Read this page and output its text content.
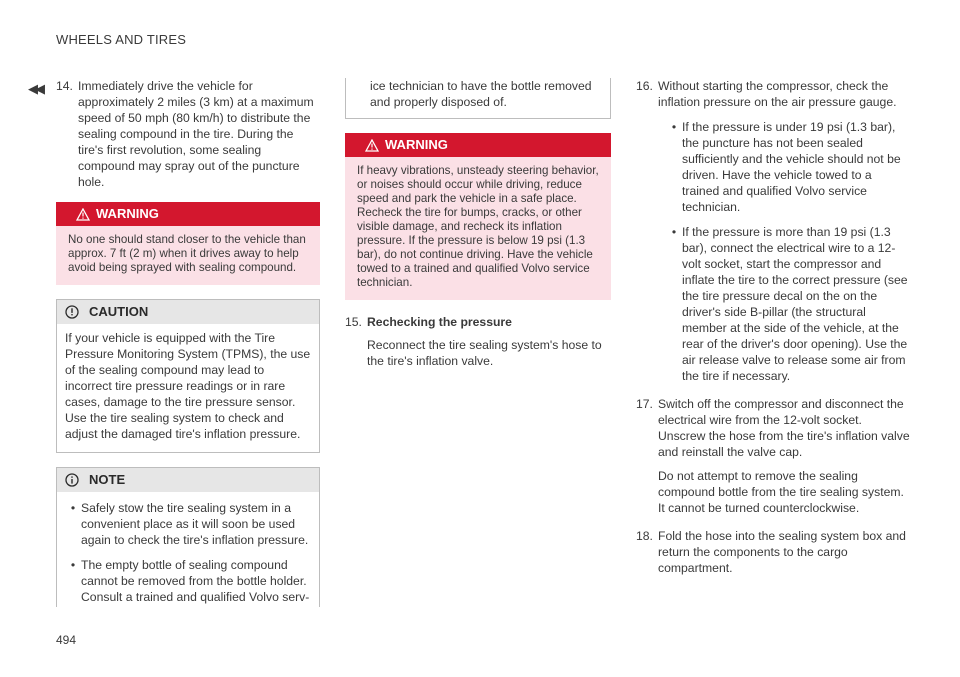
WHEELS AND TIRES
◀◀ 14. Immediately drive the vehicle for approximately 2 miles (3 km) at a maximum speed of 50 mph (80 km/h) to distribute the sealing compound in the tire. During the tire's first revolution, some sealing compound may spray out of the puncture hole.
WARNING
No one should stand closer to the vehicle than approx. 7 ft (2 m) when it drives away to help avoid being sprayed with sealing compound.
CAUTION
If your vehicle is equipped with the Tire Pressure Monitoring System (TPMS), the use of the sealing compound may lead to incorrect tire pressure readings or in rare cases, damage to the tire pressure sensor. Use the tire sealing system to check and adjust the damaged tire's inflation pressure.
NOTE
• Safely stow the tire sealing system in a convenient place as it will soon be used again to check the tire's inflation pressure.
• The empty bottle of sealing compound cannot be removed from the bottle holder. Consult a trained and qualified Volvo serv-
ice technician to have the bottle removed and properly disposed of.
WARNING
If heavy vibrations, unsteady steering behavior, or noises should occur while driving, reduce speed and park the vehicle in a safe place. Recheck the tire for bumps, cracks, or other visible damage, and recheck its inflation pressure. If the pressure is below 19 psi (1.3 bar), do not continue driving. Have the vehicle towed to a trained and qualified Volvo service technician.
15. Rechecking the pressure
Reconnect the tire sealing system's hose to the tire's inflation valve.
16. Without starting the compressor, check the inflation pressure on the air pressure gauge.
• If the pressure is under 19 psi (1.3 bar), the puncture has not been sealed sufficiently and the vehicle should not be driven. Have the vehicle towed to a trained and qualified Volvo service technician.
• If the pressure is more than 19 psi (1.3 bar), connect the electrical wire to a 12-volt socket, start the compressor and inflate the tire to the correct pressure (see the tire pressure decal on the on the driver's side B-pillar (the structural member at the side of the vehicle, at the rear of the driver's door opening). Use the air release valve to release some air from the tire if necessary.
17. Switch off the compressor and disconnect the electrical wire from the 12-volt socket. Unscrew the hose from the tire's inflation valve and reinstall the valve cap.
Do not attempt to remove the sealing compound bottle from the tire sealing system. It cannot be turned counterclockwise.
18. Fold the hose into the sealing system box and return the components to the cargo compartment.
494
